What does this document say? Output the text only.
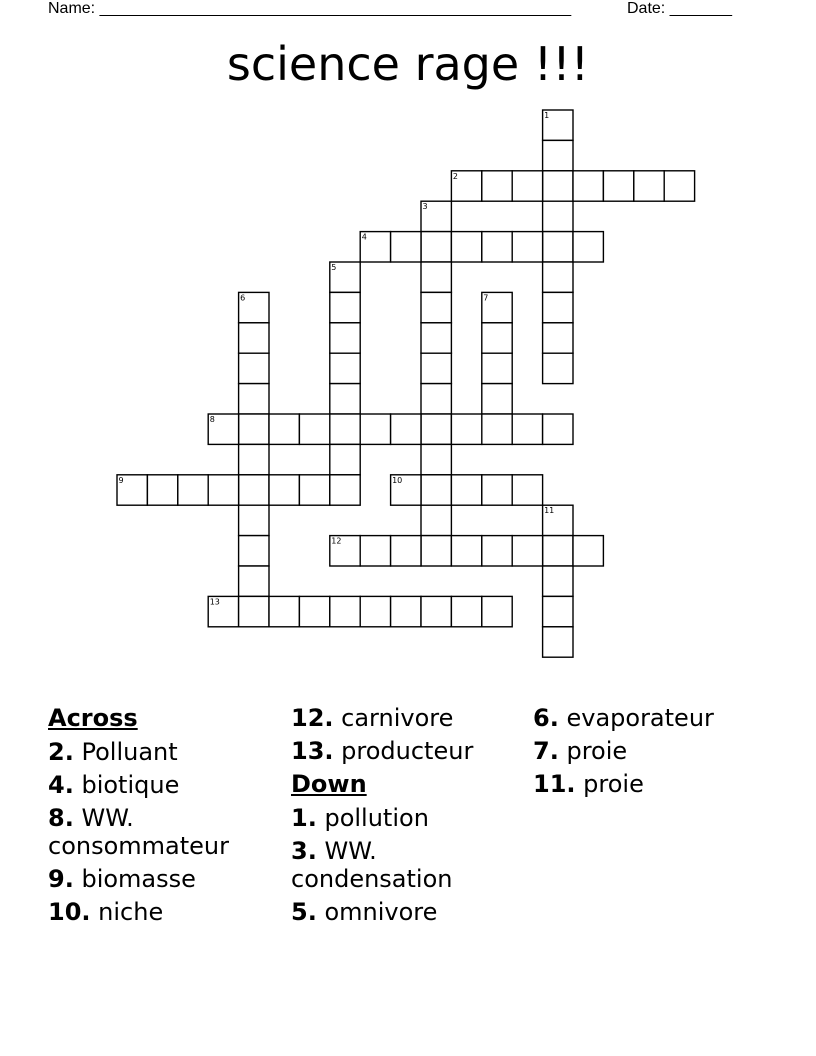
Name: _____________________________________________________	Date: _______
science rage !!!
1
2
3
4
5
6	7
8
9	10
11
12
13
Across
2. Polluant
4. biotique
8. WW. consommateur
9. biomasse
10. niche
12. carnivore
13. producteur
Down
1. pollution
3. WW. condensation
5. omnivore
6. evaporateur
7. proie
11. proie
